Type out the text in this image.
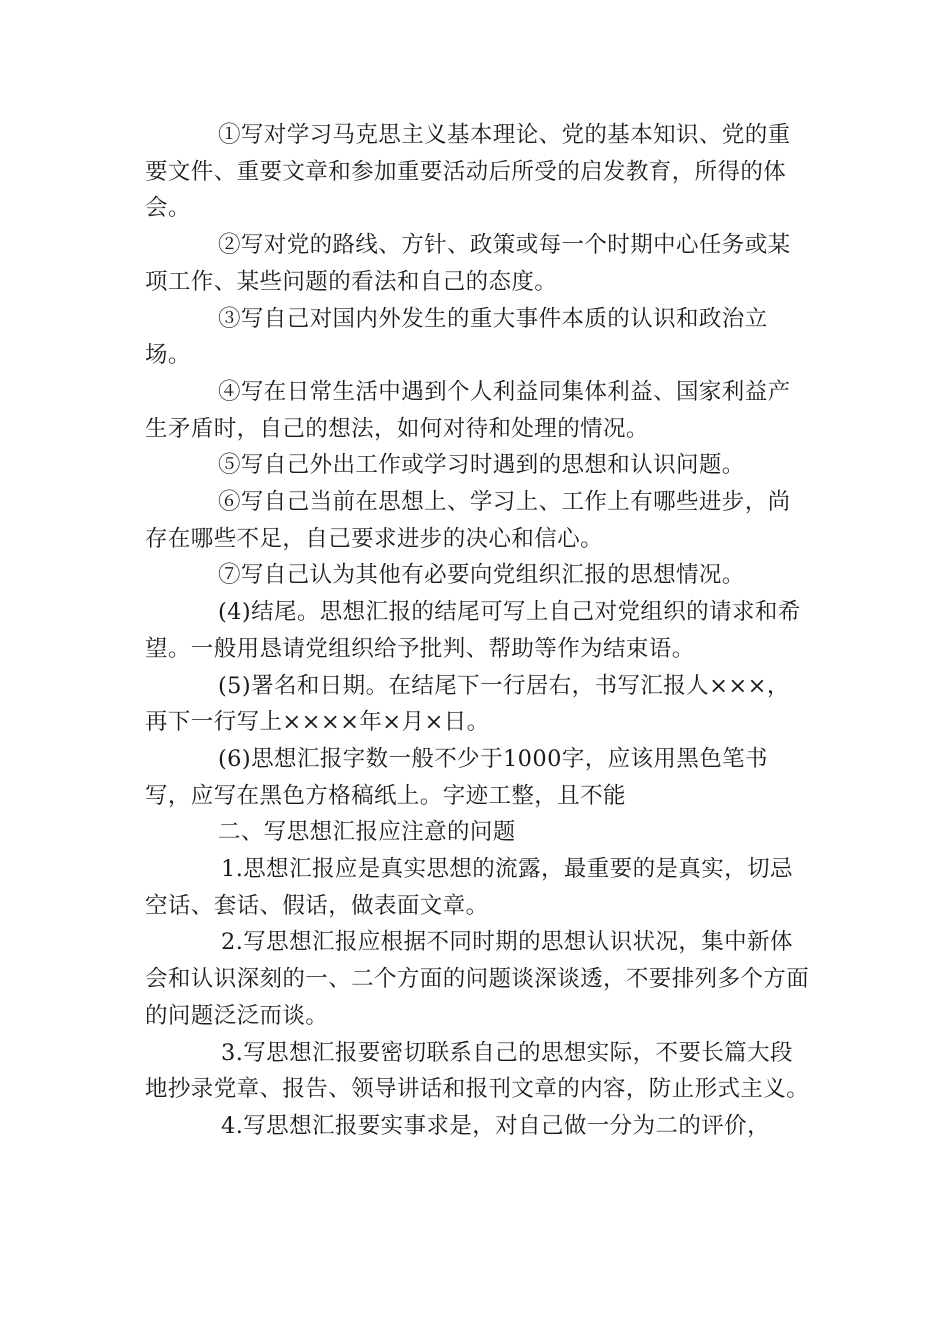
①写对学习马克思主义基本理论、党的基本知识、党的重要文件、重要文章和参加重要活动后所受的启发教育，所得的体会。

②写对党的路线、方针、政策或每一个时期中心任务或某项工作、某些问题的看法和自己的态度。

③写自己对国内外发生的重大事件本质的认识和政治立场。

④写在日常生活中遇到个人利益同集体利益、国家利益产生矛盾时，自己的想法，如何对待和处理的情况。

⑤写自己外出工作或学习时遇到的思想和认识问题。

⑥写自己当前在思想上、学习上、工作上有哪些进步，尚存在哪些不足，自己要求进步的决心和信心。

⑦写自己认为其他有必要向党组织汇报的思想情况。

(4)结尾。思想汇报的结尾可写上自己对党组织的请求和希望。一般用恳请党组织给予批判、帮助等作为结束语。

(5)署名和日期。在结尾下一行居右，书写汇报人×××，再下一行写上××××年×月×日。

(6)思想汇报字数一般不少于1000字，应该用黑色笔书写，应写在黑色方格稿纸上。字迹工整，且不能

二、写思想汇报应注意的问题

1.思想汇报应是真实思想的流露，最重要的是真实，切忌空话、套话、假话，做表面文章。

2.写思想汇报应根据不同时期的思想认识状况，集中新体会和认识深刻的一、二个方面的问题谈深谈透，不要排列多个方面的问题泛泛而谈。

3.写思想汇报要密切联系自己的思想实际，不要长篇大段地抄录党章、报告、领导讲话和报刊文章的内容，防止形式主义。

4.写思想汇报要实事求是，对自己做一分为二的评价，
